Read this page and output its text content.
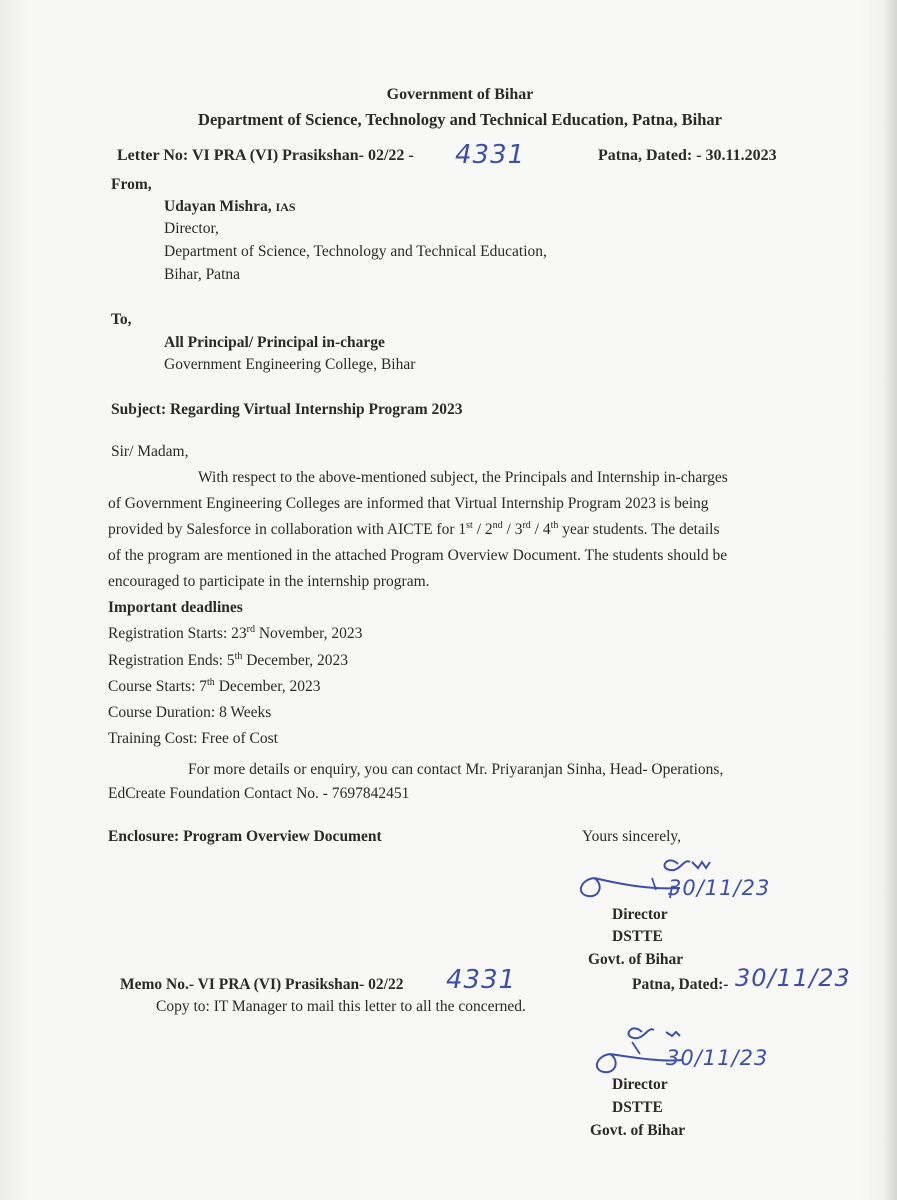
Government of Bihar
Department of Science, Technology and Technical Education, Patna, Bihar
Letter No: VI PRA (VI) Prasikshan- 02/22 - 4331	Patna, Dated: - 30.11.2023
From,
Udayan Mishra, IAS
Director,
Department of Science, Technology and Technical Education,
Bihar, Patna
To,
All Principal/ Principal in-charge
Government Engineering College, Bihar
Subject: Regarding Virtual Internship Program 2023
Sir/ Madam,
With respect to the above-mentioned subject, the Principals and Internship in-charges
of Government Engineering Colleges are informed that Virtual Internship Program 2023 is being
provided by Salesforce in collaboration with AICTE for 1st / 2nd / 3rd / 4th year students. The details
of the program are mentioned in the attached Program Overview Document. The students should be
encouraged to participate in the internship program.
Important deadlines
Registration Starts: 23rd November, 2023
Registration Ends: 5th December, 2023
Course Starts: 7th December, 2023
Course Duration: 8 Weeks
Training Cost: Free of Cost
For more details or enquiry, you can contact Mr. Priyaranjan Sinha, Head- Operations,
EdCreate Foundation Contact No. - 7697842451
Enclosure: Program Overview Document	Yours sincerely,
30/11/23
Director
DSTTE
Govt. of Bihar
Memo No.- VI PRA (VI) Prasikshan- 02/22 4331	Patna, Dated:- 30/11/23
Copy to: IT Manager to mail this letter to all the concerned.
30/11/23
Director
DSTTE
Govt. of Bihar
